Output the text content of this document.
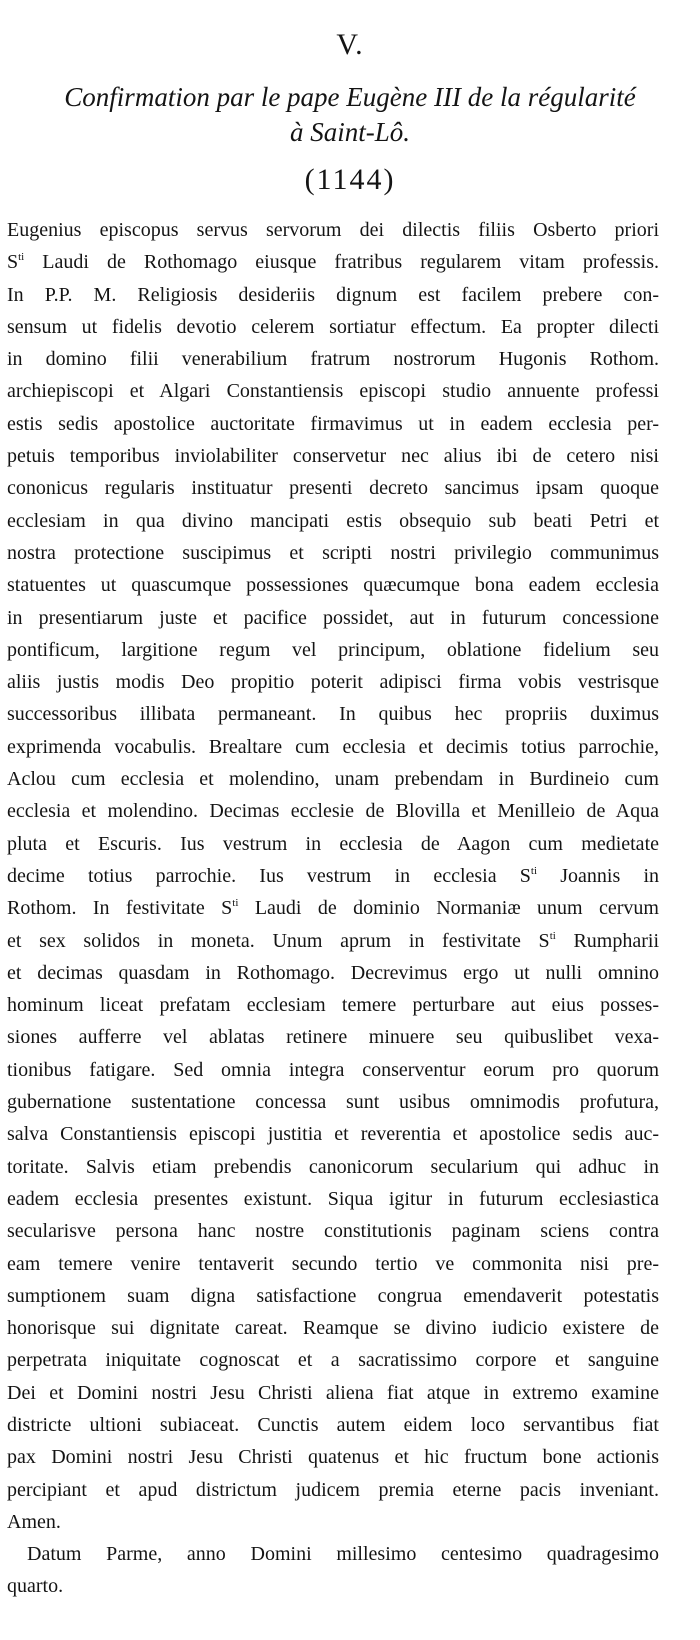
V.
Confirmation par le pape Eugène III de la régularité
à Saint-Lô.
(1144)
Eugenius episcopus servus servorum dei dilectis filiis Osberto priori
$S^{ti}$ Laudi de Rothomago eiusque fratribus regularem vitam professis.
In P.P. M. Religiosis desideriis dignum est facilem prebere con-
sensum ut fidelis devotio celerem sortiatur effectum. Ea propter dilecti
in domino filii venerabilium fratrum nostrorum Hugonis Rothom.
archiepiscopi et Algari Constantiensis episcopi studio annuente professi
estis sedis apostolice auctoritate firmavimus ut in eadem ecclesia per-
petuis temporibus inviolabiliter conservetur nec alius ibi de cetero nisi
cononicus regularis instituatur presenti decreto sancimus ipsam quoque
ecclesiam in qua divino mancipati estis obsequio sub beati Petri et
nostra protectione suscipimus et scripti nostri privilegio communimus
statuentes ut quascumque possessiones quæcumque bona eadem ecclesia
in presentiarum juste et pacifice possidet, aut in futurum concessione
pontificum, largitione regum vel principum, oblatione fidelium seu
aliis justis modis Deo propitio poterit adipisci firma vobis vestrisque
successoribus illibata permaneant. In quibus hec propriis duximus
exprimenda vocabulis. Brealtare cum ecclesia et decimis totius parrochie,
Aclou cum ecclesia et molendino, unam prebendam in Burdineio cum
ecclesia et molendino. Decimas ecclesie de Blovilla et Menilleio de Aqua
pluta et Escuris. Ius vestrum in ecclesia de Aagon cum medietate
decime totius parrochie. Ius vestrum in ecclesia $S^{ti}$ Joannis in
Rothom. In festivitate $S^{ti}$ Laudi de dominio Normaniæ unum cervum
et sex solidos in moneta. Unum aprum in festivitate $S^{ti}$ Rumpharii
et decimas quasdam in Rothomago. Decrevimus ergo ut nulli omnino
hominum liceat prefatam ecclesiam temere perturbare aut eius posses-
siones aufferre vel ablatas retinere minuere seu quibuslibet vexa-
tionibus fatigare. Sed omnia integra conserventur eorum pro quorum
gubernatione sustentatione concessa sunt usibus omnimodis profutura,
salva Constantiensis episcopi justitia et reverentia et apostolice sedis auc-
toritate. Salvis etiam prebendis canonicorum secularium qui adhuc in
eadem ecclesia presentes existunt. Siqua igitur in futurum ecclesiastica
secularisve persona hanc nostre constitutionis paginam sciens contra
eam temere venire tentaverit secundo tertio ve commonita nisi pre-
sumptionem suam digna satisfactione congrua emendaverit potestatis
honorisque sui dignitate careat. Reamque se divino iudicio existere de
perpetrata iniquitate cognoscat et a sacratissimo corpore et sanguine
Dei et Domini nostri Jesu Christi aliena fiat atque in extremo examine
districte ultioni subiaceat. Cunctis autem eidem loco servantibus fiat
pax Domini nostri Jesu Christi quatenus et hic fructum bone actionis
percipiant et apud districtum judicem premia eterne pacis inveniant.
Amen.
Datum Parme, anno Domini millesimo centesimo quadragesimo
quarto.
